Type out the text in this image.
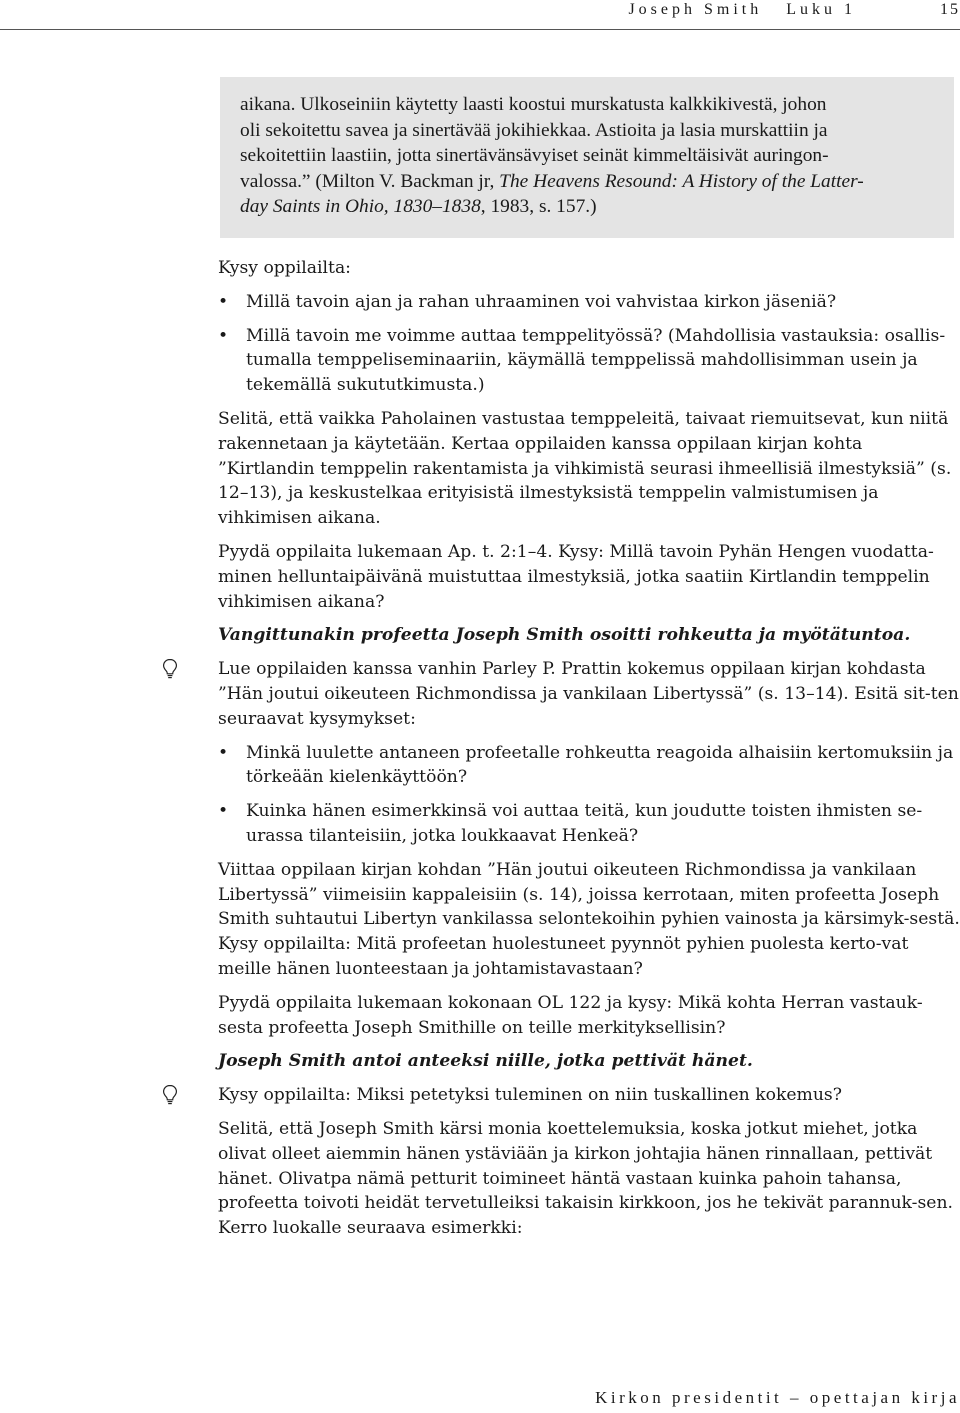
Joseph Smith   Luku 1	15
aikana. Ulkoseiniin käytetty laasti koostui murskatusta kalkkikivestä, johon
oli sekoitettu savea ja sinertävää jokihiekkaa. Astioita ja lasia murskattiin ja
sekoitettiin laastiin, jotta sinertävänsävyiset seinät kimmeltäisivät auringon-
valossa.” (Milton V. Backman jr, The Heavens Resound: A History of the Latter-
day Saints in Ohio, 1830–1838, 1983, s. 157.)

Kysy oppilailta:

• Millä tavoin ajan ja rahan uhraaminen voi vahvistaa kirkon jäseniä?
• Millä tavoin me voimme auttaa temppelityössä? (Mahdollisia vastauksia: osallis-
tumalla temppeliseminaariin, käymällä temppelissä mahdollisimman usein ja
tekemällä sukututkimusta.)

Selitä, että vaikka Paholainen vastustaa temppeleitä, taivaat riemuitsevat, kun niitä rakennetaan ja käytetään. Kertaa oppilaiden kanssa oppilaan kirjan kohta ”Kirtlandin temppelin rakentamista ja vihkimistä seurasi ihmeellisiä ilmestyksiä” (s. 12–13), ja keskustelkaa erityisistä ilmestyksistä temppelin valmistumisen ja vihkimisen aikana.

Pyydä oppilaita lukemaan Ap. t. 2:1–4. Kysy: Millä tavoin Pyhän Hengen vuodatta-minen helluntaipäivänä muistuttaa ilmestyksiä, jotka saatiin Kirtlandin temppelin vihkimisen aikana?

Vangittunakin profeetta Joseph Smith osoitti rohkeutta ja myötätuntoa.

Lue oppilaiden kanssa vanhin Parley P. Prattin kokemus oppilaan kirjan kohdasta ”Hän joutui oikeuteen Richmondissa ja vankilaan Libertyssä” (s. 13–14). Esitä sit-ten seuraavat kysymykset:

• Minkä luulette antaneen profeetalle rohkeutta reagoida alhaisiin kertomuksiin ja törkeään kielenkäyttöön?
• Kuinka hänen esimerkkinsä voi auttaa teitä, kun joudutte toisten ihmisten se-urassa tilanteisiin, jotka loukkaavat Henkeä?

Viittaa oppilaan kirjan kohdan ”Hän joutui oikeuteen Richmondissa ja vankilaan Libertyssä” viimeisiin kappaleisiin (s. 14), joissa kerrotaan, miten profeetta Joseph Smith suhtautui Libertyn vankilassa selontekoihin pyhien vainosta ja kärsimyk-sestä. Kysy oppilailta: Mitä profeetan huolestuneet pyynnöt pyhien puolesta kerto-vat meille hänen luonteestaan ja johtamistavastaan?

Pyydä oppilaita lukemaan kokonaan OL 122 ja kysy: Mikä kohta Herran vastauk-sesta profeetta Joseph Smithille on teille merkityksellisin?

Joseph Smith antoi anteeksi niille, jotka pettivät hänet.

Kysy oppilailta: Miksi petetyksi tuleminen on niin tuskallinen kokemus?

Selitä, että Joseph Smith kärsi monia koettelemuksia, koska jotkut miehet, jotka olivat olleet aiemmin hänen ystäviään ja kirkon johtajia hänen rinnallaan, pettivät hänet. Olivatpa nämä petturit toimineet häntä vastaan kuinka pahoin tahansa, profeetta toivoti heidät tervetulleiksi takaisin kirkkoon, jos he tekivät parannuk-sen. Kerro luokalle seuraava esimerkki:

Kirkon presidentit – opettajan kirja
